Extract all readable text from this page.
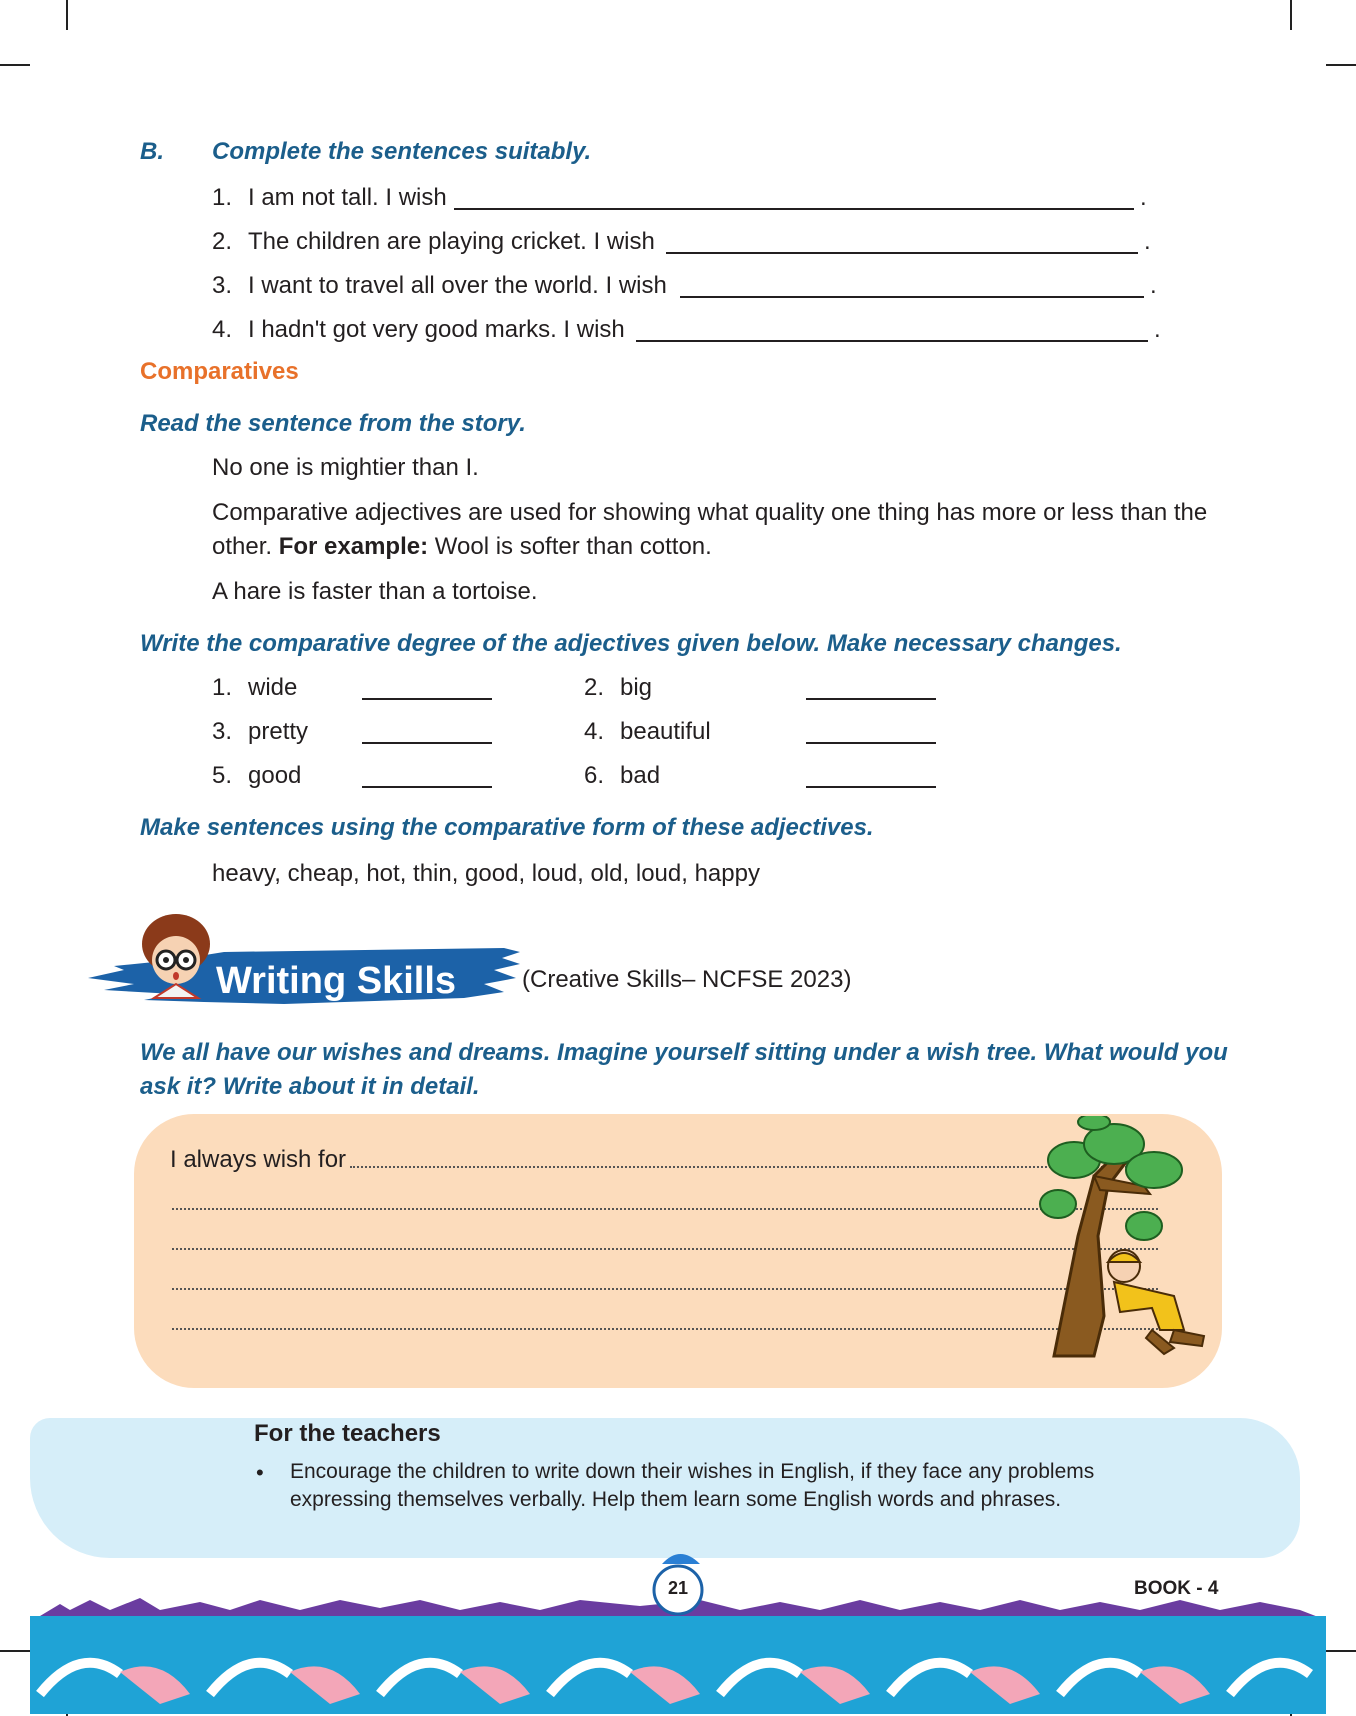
B. Complete the sentences suitably.
1. I am not tall. I wish	.
2. The children are playing cricket. I wish	.
3. I want to travel all over the world. I wish	.
4. I hadn't got very good marks. I wish	.
Comparatives
Read the sentence from the story.
No one is mightier than I.
Comparative adjectives are used for showing what quality one thing has more or less than the other. For example: Wool is softer than cotton.
A hare is faster than a tortoise.
Write the comparative degree of the adjectives given below. Make necessary changes.
1. wide	2. big
3. pretty	4. beautiful
5. good	6. bad
Make sentences using the comparative form of these adjectives.
heavy, cheap, hot, thin, good, loud, old, loud, happy
Writing Skills	(Creative Skills– NCFSE 2023)
We all have our wishes and dreams. Imagine yourself sitting under a wish tree. What would you ask it? Write about it in detail.
I always wish for
For the teachers
• Encourage the children to write down their wishes in English, if they face any problems expressing themselves verbally. Help them learn some English words and phrases.
21	BOOK - 4
